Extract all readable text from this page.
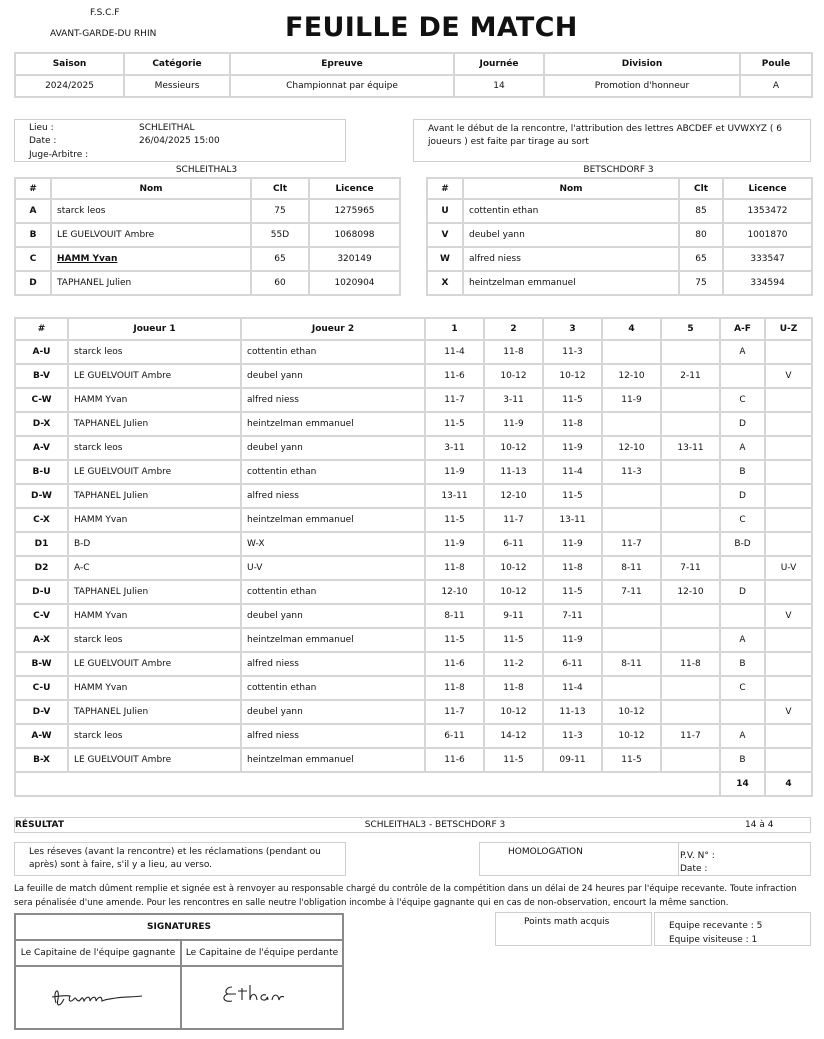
F.S.C.F
AVANT-GARDE-DU RHIN	FEUILLE DE MATCH
Saison	Catégorie	Epreuve	Journée	Division	Poule
2024/2025	Messieurs	Championnat par équipe	14	Promotion d'honneur	A
Lieu :	SCHLEITHAL
Date :	26/04/2025 15:00
Juge-Arbitre :
Avant le début de la rencontre, l'attribution des lettres ABCDEF et UVWXYZ ( 6 joueurs ) est faite par tirage au sort
SCHLEITHAL3	BETSCHDORF 3
#	Nom	Clt	Licence
A	starck leos	75	1275965
B	LE GUELVOUIT Ambre	55D	1068098
C	HAMM Yvan	65	320149
D	TAPHANEL Julien	60	1020904
#	Nom	Clt	Licence
U	cottentin ethan	85	1353472
V	deubel yann	80	1001870
W	alfred niess	65	333547
X	heintzelman emmanuel	75	334594
#	Joueur 1	Joueur 2	1	2	3	4	5	A-F	U-Z
A-U	starck leos	cottentin ethan	11-4	11-8	11-3			A	
B-V	LE GUELVOUIT Ambre	deubel yann	11-6	10-12	10-12	12-10	2-11		V
C-W	HAMM Yvan	alfred niess	11-7	3-11	11-5	11-9		C	
D-X	TAPHANEL Julien	heintzelman emmanuel	11-5	11-9	11-8			D	
A-V	starck leos	deubel yann	3-11	10-12	11-9	12-10	13-11	A	
B-U	LE GUELVOUIT Ambre	cottentin ethan	11-9	11-13	11-4	11-3		B	
D-W	TAPHANEL Julien	alfred niess	13-11	12-10	11-5			D	
C-X	HAMM Yvan	heintzelman emmanuel	11-5	11-7	13-11			C	
D1	B-D	W-X	11-9	6-11	11-9	11-7		B-D	
D2	A-C	U-V	11-8	10-12	11-8	8-11	7-11		U-V
D-U	TAPHANEL Julien	cottentin ethan	12-10	10-12	11-5	7-11	12-10	D	
C-V	HAMM Yvan	deubel yann	8-11	9-11	7-11				V
A-X	starck leos	heintzelman emmanuel	11-5	11-5	11-9			A	
B-W	LE GUELVOUIT Ambre	alfred niess	11-6	11-2	6-11	8-11	11-8	B	
C-U	HAMM Yvan	cottentin ethan	11-8	11-8	11-4			C	
D-V	TAPHANEL Julien	deubel yann	11-7	10-12	11-13	10-12			V
A-W	starck leos	alfred niess	6-11	14-12	11-3	10-12	11-7	A	
B-X	LE GUELVOUIT Ambre	heintzelman emmanuel	11-6	11-5	09-11	11-5		B	
								14	4
RÉSULTAT	SCHLEITHAL3 - BETSCHDORF 3	14 à 4
Les réseves (avant la rencontre) et les réclamations (pendant ou après) sont à faire, s'il y a lieu, au verso.
HOMOLOGATION	P.V. N° :
Date :
La feuille de match dûment remplie et signée est à renvoyer au responsable chargé du contrôle de la compétition dans un délai de 24 heures par l'équipe recevante. Toute infraction sera pénalisée d'une amende. Pour les rencontres en salle neutre l'obligation incombe à l'équipe gagnante qui en cas de non-observation, encourt la même sanction.
SIGNATURES
Le Capitaine de l'équipe gagnante	Le Capitaine de l'équipe perdante
Points math acquis	Equipe recevante : 5
Equipe visiteuse : 1
